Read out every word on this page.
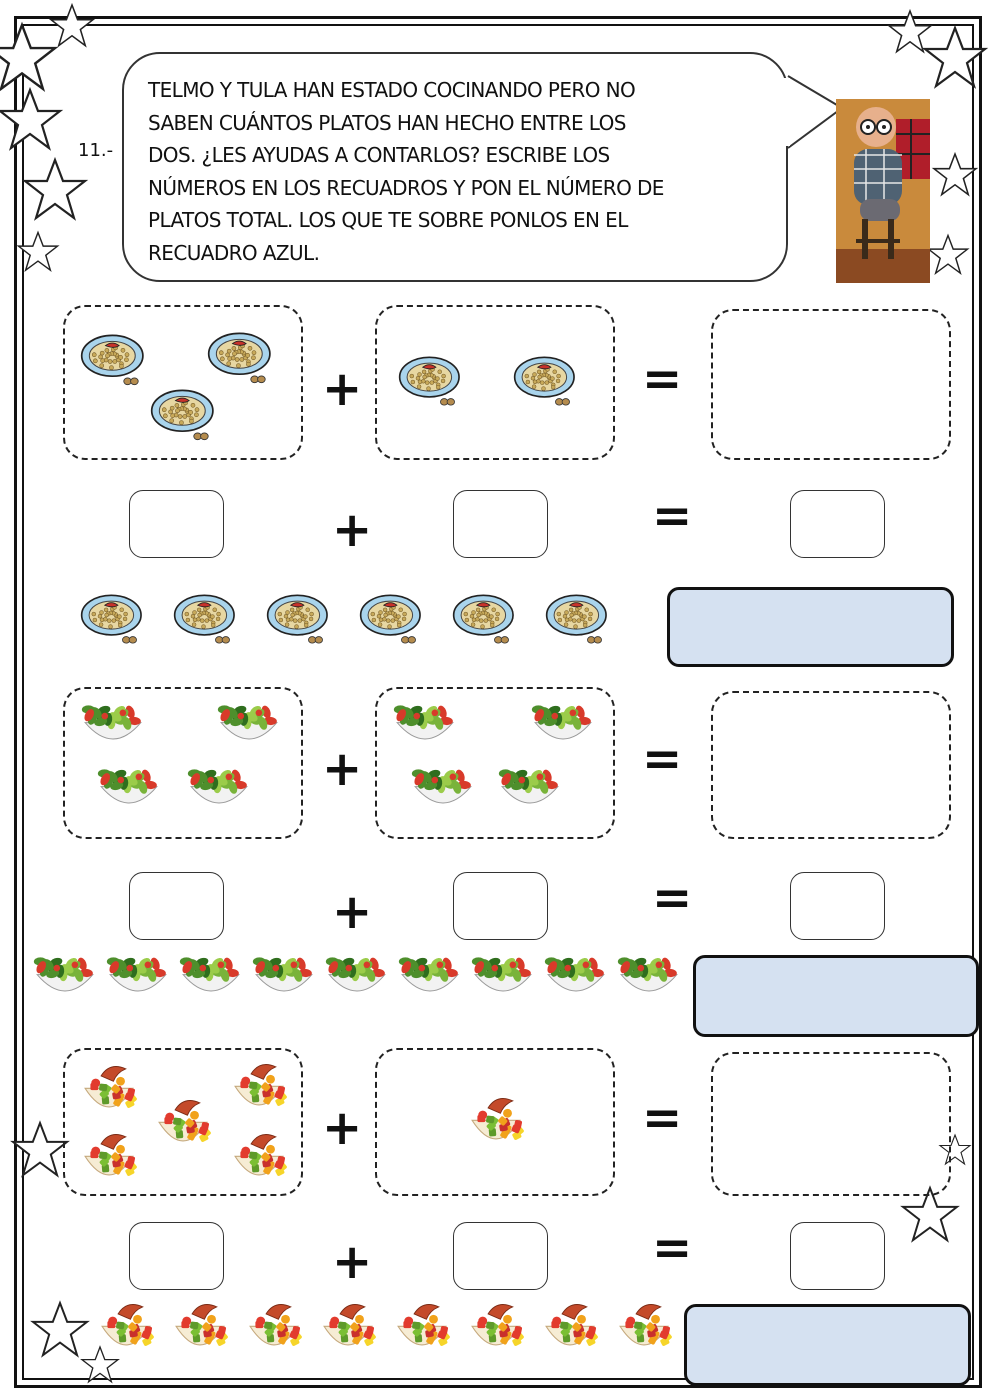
11.-
TELMO Y TULA HAN ESTADO COCINANDO PERO NO
SABEN CUÁNTOS PLATOS HAN HECHO ENTRE LOS
DOS. ¿LES AYUDAS A CONTARLOS? ESCRIBE LOS
NÚMEROS EN LOS RECUADROS Y PON EL NÚMERO DE
PLATOS TOTAL. LOS QUE TE SOBRE PONLOS EN EL
RECUADRO AZUL.
+	=
+	=
+	=
+	=
+	=
+	=
